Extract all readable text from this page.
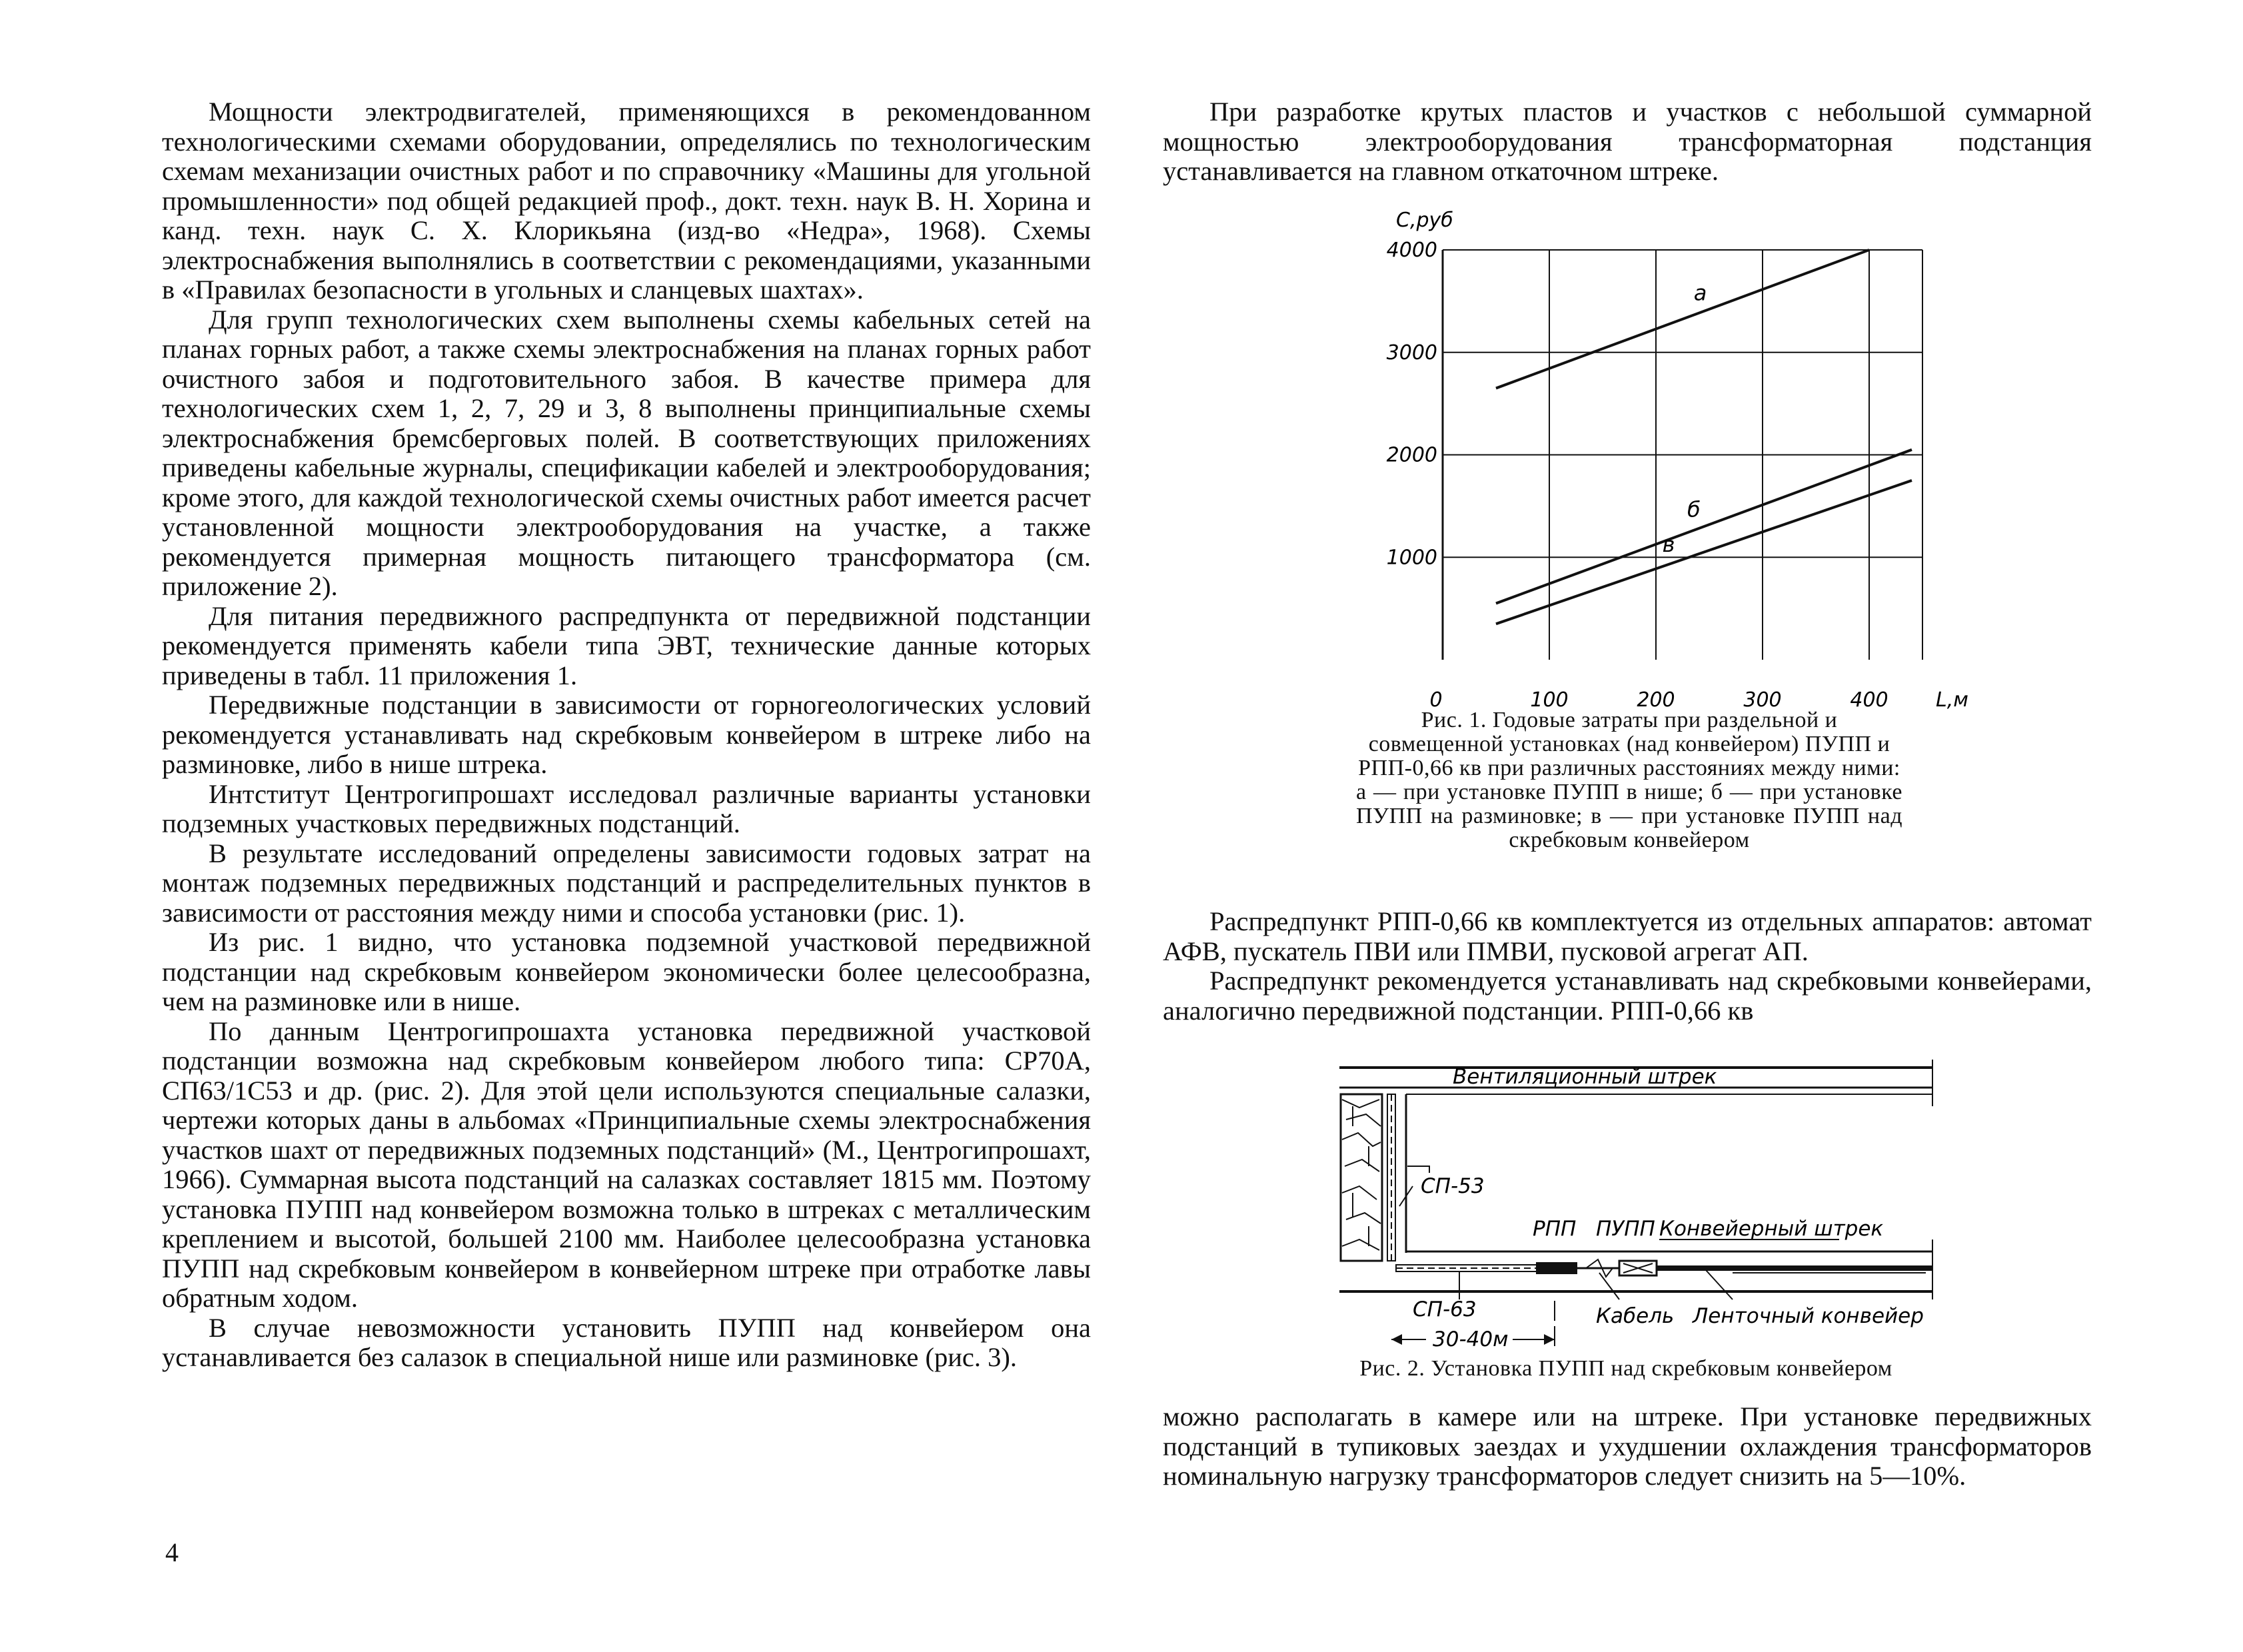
Мощности электродвигателей, применяющихся в рекомендованном технологическими схемами оборудовании, определялись по технологическим схемам механизации очистных работ и по справочнику «Машины для угольной промышленности» под общей редакцией проф., докт. техн. наук В. Н. Хорина и канд. техн. наук С. Х. Клорикьяна (изд-во «Недра», 1968). Схемы электроснабжения выполнялись в соответствии с рекомендациями, указанными в «Правилах безопасности в угольных и сланцевых шахтах».

Для групп технологических схем выполнены схемы кабельных сетей на планах горных работ, а также схемы электроснабжения на планах горных работ очистного забоя и подготовительного забоя. В качестве примера для технологических схем 1, 2, 7, 29 и 3, 8 выполнены принципиальные схемы электроснабжения бремсберговых полей. В соответствующих приложениях приведены кабельные журналы, спецификации кабелей и электрооборудования; кроме этого, для каждой технологической схемы очистных работ имеется расчет установленной мощности электрооборудования на участке, а также рекомендуется примерная мощность питающего трансформатора (см. приложение 2).

Для питания передвижного распредпункта от передвижной подстанции рекомендуется применять кабели типа ЭВТ, технические данные которых приведены в табл. 11 приложения 1.

Передвижные подстанции в зависимости от горногеологических условий рекомендуется устанавливать над скребковым конвейером в штреке либо на разминовке, либо в нише штрека.

Интститут Центрогипрошахт исследовал различные варианты установки подземных участковых передвижных подстанций.

В результате исследований определены зависимости годовых затрат на монтаж подземных передвижных подстанций и распределительных пунктов в зависимости от расстояния между ними и способа установки (рис. 1).

Из рис. 1 видно, что установка подземной участковой передвижной подстанции над скребковым конвейером экономически более целесообразна, чем на разминовке или в нише.

По данным Центрогипрошахта установка передвижной участковой подстанции возможна над скребковым конвейером любого типа: СР70А, СП63/1С53 и др. (рис. 2). Для этой цели используются специальные салазки, чертежи которых даны в альбомах «Принципиальные схемы электроснабжения участков шахт от передвижных подземных подстанций» (М., Центрогипрошахт, 1966). Суммарная высота подстанций на салазках составляет 1815 мм. Поэтому установка ПУПП над конвейером возможна только в штреках с металлическим креплением и высотой, большей 2100 мм. Наиболее целесообразна установка ПУПП над скребковым конвейером в конвейерном штреке при отработке лавы обратным ходом.

В случае невозможности установить ПУПП над конвейером она устанавливается без салазок в специальной нише или разминовке (рис. 3).

4

При разработке крутых пластов и участков с небольшой суммарной мощностью электрооборудования трансформаторная подстанция устанавливается на главном откаточном штреке.

1000
2000
3000
4000
0	100	200	300	400
С,руб
L,м
а
б
в
Рис. 1. Годовые затраты при раздельной и совмещенной установках (над конвейером) ПУПП и РПП-0,66 кв при различных расстояниях между ними:
а — при установке ПУПП в нише; б — при установке ПУПП на разминовке; в — при установке ПУПП над скребковым конвейером

Распредпункт РПП-0,66 кв комплектуется из отдельных аппаратов: автомат АФВ, пускатель ПВИ или ПМВИ, пусковой агрегат АП.

Распредпункт рекомендуется устанавливать над скребковыми конвейерами, аналогично передвижной подстанции. РПП-0,66 кв

Вентиляционный штрек
СП-53
РПП ПУПП Конвейерный штрек
СП-63	Кабель Ленточный конвейер
30-40м
Рис. 2. Установка ПУПП над скребковым конвейером

можно располагать в камере или на штреке. При установке передвижных подстанций в тупиковых заездах и ухудшении охлаждения трансформаторов номинальную нагрузку трансформаторов следует снизить на 5—10%.
